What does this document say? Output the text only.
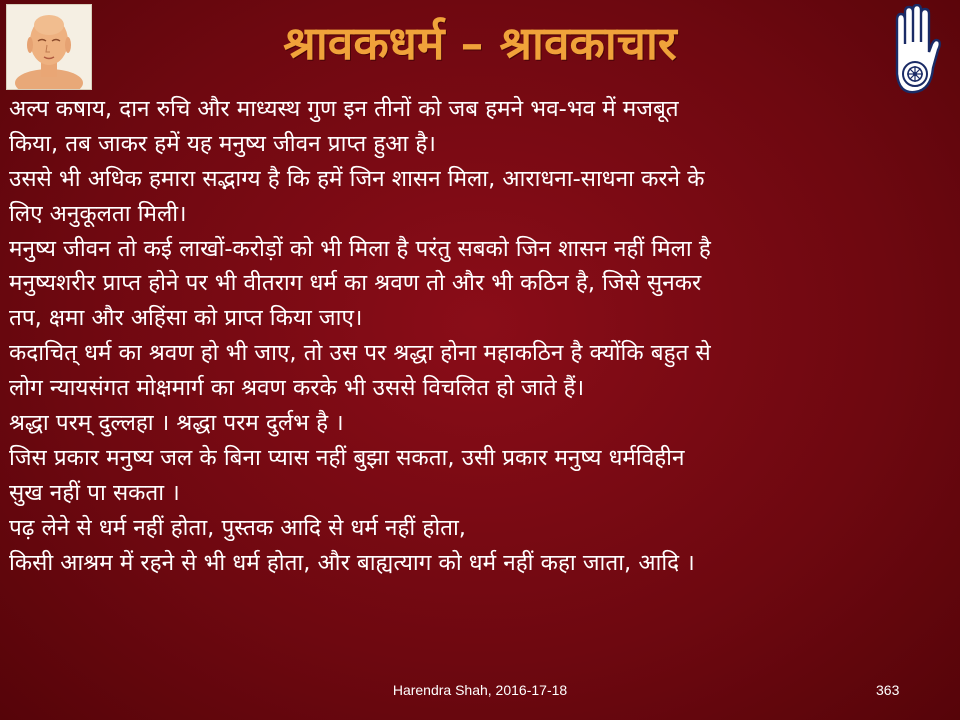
श्रावकधर्म – श्रावकाचार
अल्प कषाय, दान रुचि और माध्यस्थ गुण इन तीनों को जब हमने भव-भव में मजबूत
किया, तब जाकर हमें यह मनुष्य जीवन प्राप्त हुआ है।
उससे भी अधिक हमारा सद्भाग्य है कि हमें जिन शासन मिला, आराधना-साधना करने के
लिए अनुकूलता मिली।
मनुष्य जीवन तो कई लाखों-करोड़ों को भी मिला है परंतु सबको जिन शासन नहीं मिला है
मनुष्यशरीर प्राप्त होने पर भी वीतराग धर्म का श्रवण तो और भी कठिन है, जिसे सुनकर
तप, क्षमा और अहिंसा को प्राप्त किया जाए।
कदाचित् धर्म का श्रवण हो भी जाए, तो उस पर श्रद्धा होना महाकठिन है क्योंकि बहुत से
लोग न्यायसंगत मोक्षमार्ग का श्रवण करके भी उससे विचलित हो जाते हैं।
श्रद्धा परम् दुल्लहा । श्रद्धा परम दुर्लभ है ।
जिस प्रकार मनुष्य जल के बिना प्यास नहीं बुझा सकता, उसी प्रकार मनुष्य धर्मविहीन
सुख नहीं पा सकता ।
पढ़ लेने से धर्म नहीं होता, पुस्तक आदि से धर्म नहीं होता,
किसी आश्रम में रहने से भी धर्म होता, और बाह्यत्याग को धर्म नहीं कहा जाता, आदि ।
Harendra Shah, 2016-17-18	363
